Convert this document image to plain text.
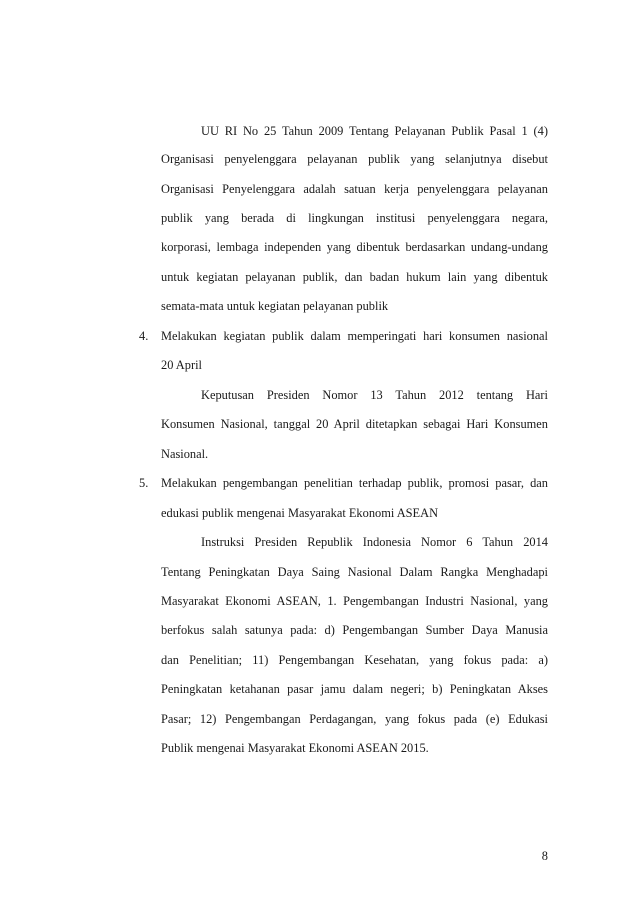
UU RI No 25 Tahun 2009 Tentang Pelayanan Publik Pasal 1 (4)
Organisasi penyelenggara pelayanan publik yang selanjutnya disebut
Organisasi Penyelenggara adalah satuan kerja penyelenggara pelayanan
publik yang berada di lingkungan institusi penyelenggara negara,
korporasi, lembaga independen yang dibentuk berdasarkan undang-undang
untuk kegiatan pelayanan publik, dan badan hukum lain yang dibentuk
semata-mata untuk kegiatan pelayanan publik
4.	Melakukan kegiatan publik dalam memperingati hari konsumen nasional
20 April
Keputusan Presiden Nomor 13 Tahun 2012 tentang Hari
Konsumen Nasional, tanggal 20 April ditetapkan sebagai Hari Konsumen
Nasional.
5.	Melakukan pengembangan penelitian terhadap publik, promosi pasar, dan
edukasi publik mengenai Masyarakat Ekonomi ASEAN
Instruksi Presiden Republik Indonesia Nomor 6 Tahun 2014
Tentang Peningkatan Daya Saing Nasional Dalam Rangka Menghadapi
Masyarakat Ekonomi ASEAN, 1. Pengembangan Industri Nasional, yang
berfokus salah satunya pada: d) Pengembangan Sumber Daya Manusia
dan Penelitian; 11) Pengembangan Kesehatan, yang fokus pada: a)
Peningkatan ketahanan pasar jamu dalam negeri; b) Peningkatan Akses
Pasar; 12) Pengembangan Perdagangan, yang fokus pada (e) Edukasi
Publik mengenai Masyarakat Ekonomi ASEAN 2015.
8
